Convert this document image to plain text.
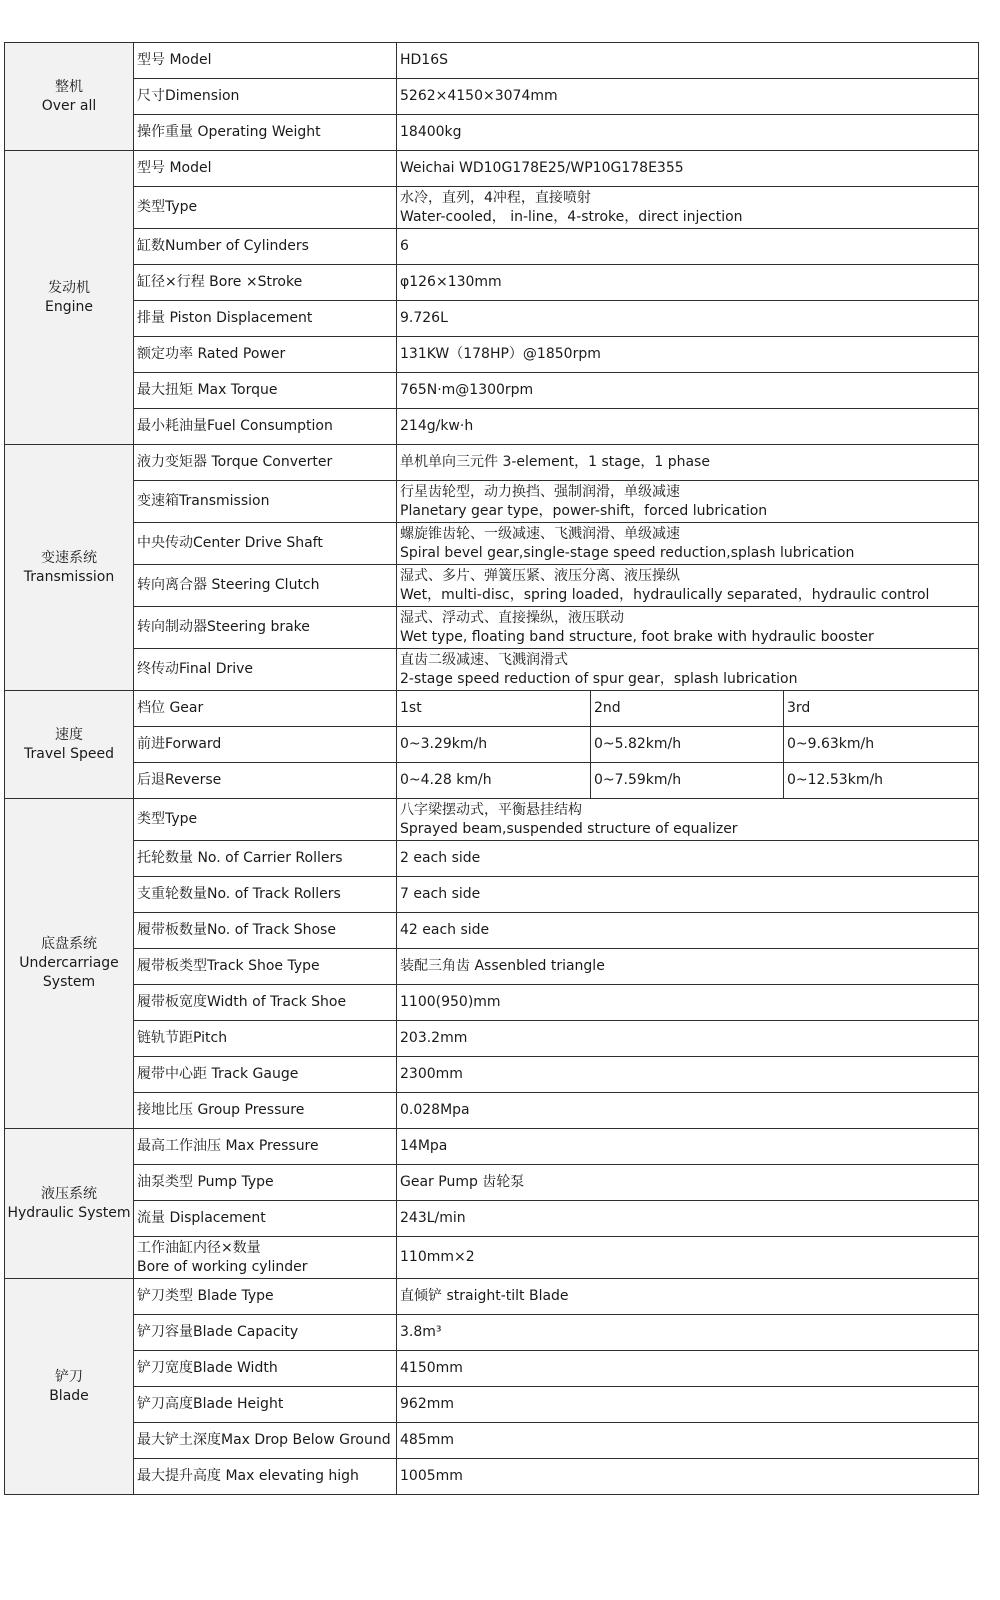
整机
Over all	型号 Model	HD16S		

	尺寸Dimension	5262×4150×3074mm		

	操作重量 Operating Weight	18400kg		

发动机
Engine	型号 Model	Weichai WD10G178E25/WP10G178E355		

	类型Type	水冷，直列，4冲程，直接喷射
Water-cooled， in-line，4-stroke，direct injection		

	缸数Number of Cylinders	6		

	缸径×行程 Bore ×Stroke	φ126×130mm		

	排量 Piston Displacement	9.726L		

	额定功率 Rated Power	131KW（178HP）@1850rpm		

	最大扭矩 Max Torque	765N·m@1300rpm		

	最小耗油量Fuel Consumption	214g/kw·h		

变速系统
Transmission	液力变矩器 Torque Converter	单机单向三元件 3-element，1 stage，1 phase		

	变速箱Transmission	行星齿轮型，动力换挡、强制润滑，单级减速
Planetary gear type，power-shift，forced lubrication		

	中央传动Center Drive Shaft	螺旋锥齿轮、一级减速、飞溅润滑、单级减速
Spiral bevel gear,single-stage speed reduction,splash lubrication		

	转向离合器 Steering Clutch	湿式、多片、弹簧压紧、液压分离、液压操纵
Wet，multi-disc，spring loaded，hydraulically separated，hydraulic control		

	转向制动器Steering brake	湿式、浮动式、直接操纵，液压联动
Wet type, floating band structure, foot brake with hydraulic booster		

	终传动Final Drive	直齿二级减速、飞溅润滑式
2-stage speed reduction of spur gear，splash lubrication		

速度
Travel Speed	档位 Gear	1st	2nd	3rd

	前进Forward	0~3.29km/h	0~5.82km/h	0~9.63km/h

	后退Reverse	0~4.28 km/h	0~7.59km/h	0~12.53km/h

底盘系统
Undercarriage System	类型Type	八字梁摆动式，平衡悬挂结构
Sprayed beam,suspended structure of equalizer		

	托轮数量 No. of Carrier Rollers	2 each side		

	支重轮数量No. of Track Rollers	7 each side		

	履带板数量No. of Track Shose	42 each side		

	履带板类型Track Shoe Type	装配三角齿 Assenbled triangle		

	履带板宽度Width of Track Shoe	1100(950)mm		

	链轨节距Pitch	203.2mm		

	履带中心距 Track Gauge	2300mm		

	接地比压 Group Pressure	0.028Mpa		

液压系统
Hydraulic System	最高工作油压 Max Pressure	14Mpa		

	油泵类型 Pump Type	Gear Pump 齿轮泵		

	流量 Displacement	243L/min		

	工作油缸内径×数量
Bore of working cylinder	110mm×2		

铲刀
Blade	铲刀类型 Blade Type	直倾铲 straight-tilt Blade		

	铲刀容量Blade Capacity	3.8m³		

	铲刀宽度Blade Width	4150mm		

	铲刀高度Blade Height	962mm		

	最大铲土深度Max Drop Below Ground	485mm		

	最大提升高度 Max elevating high	1005mm		
